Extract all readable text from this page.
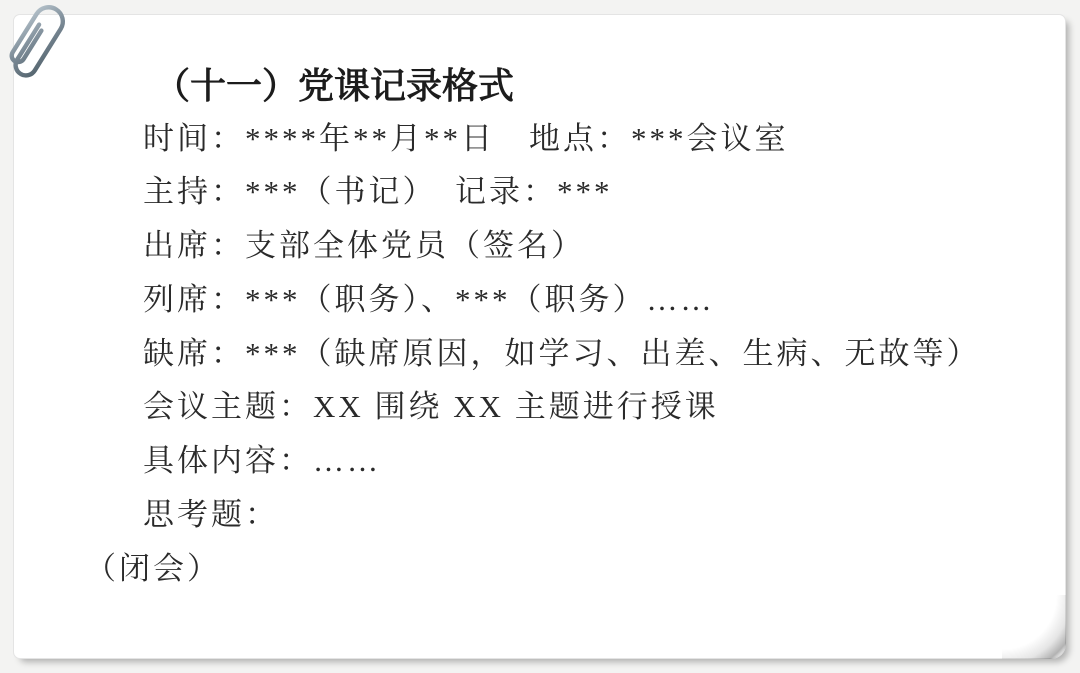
（十一）党课记录格式

时间：****年**月**日　地点：***会议室

主持：***（书记）　记录：***

出席：支部全体党员（签名）

列席：***（职务）、***（职务）……

缺席：***（缺席原因，如学习、出差、生病、无故等）

会议主题：XX 围绕 XX 主题进行授课

具体内容：……

思考题：

（闭会）
